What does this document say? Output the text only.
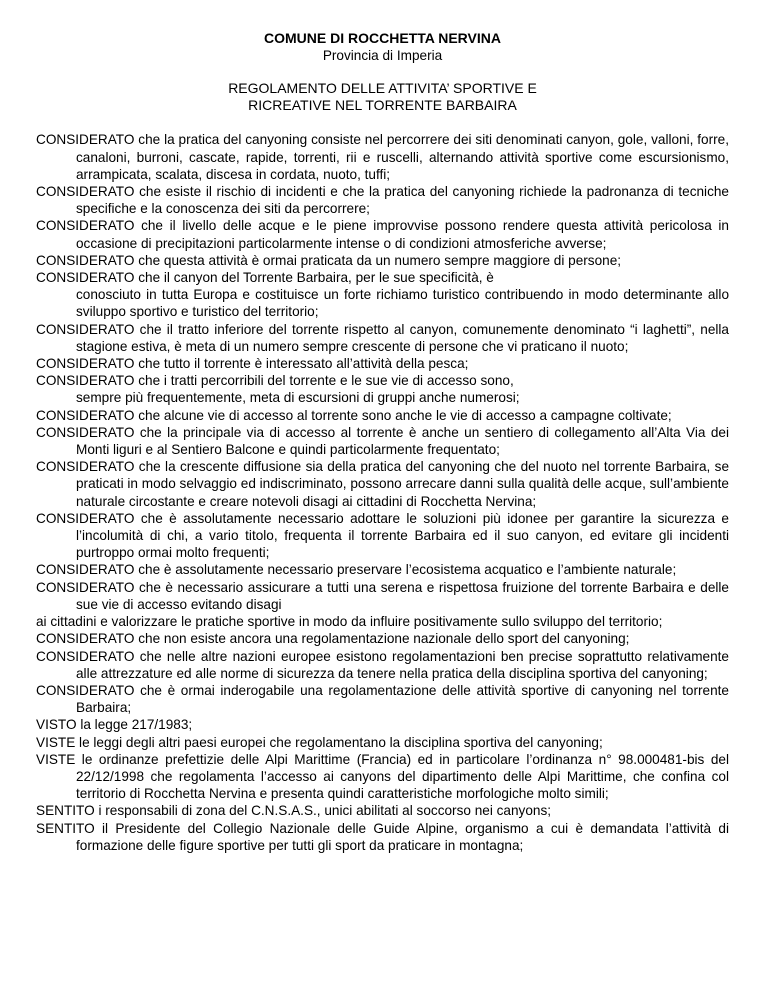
COMUNE DI ROCCHETTA NERVINA
Provincia di Imperia
REGOLAMENTO DELLE ATTIVITA’ SPORTIVE E
RICREATIVE NEL TORRENTE BARBAIRA
CONSIDERATO che la pratica del canyoning consiste nel percorrere dei siti denominati canyon, gole, valloni, forre, canaloni, burroni, cascate, rapide, torrenti, rii e ruscelli, alternando attività sportive come escursionismo, arrampicata, scalata, discesa in cordata, nuoto, tuffi;
CONSIDERATO che esiste il rischio di incidenti e che la pratica del canyoning richiede la padronanza di tecniche specifiche e la conoscenza dei siti da percorrere;
CONSIDERATO che il livello delle acque e le piene improvvise possono rendere questa attività pericolosa in occasione di precipitazioni particolarmente intense o di condizioni atmosferiche avverse;
CONSIDERATO che questa attività è ormai praticata da un numero sempre maggiore di persone;
CONSIDERATO che il canyon del Torrente Barbaira, per le sue specificità, è
conosciuto in tutta Europa e costituisce un forte richiamo turistico contribuendo in modo determinante allo sviluppo sportivo e turistico del territorio;
CONSIDERATO che il tratto inferiore del torrente rispetto al canyon, comunemente denominato “i laghetti”, nella stagione estiva, è meta di un numero sempre crescente di persone che vi praticano il nuoto;
CONSIDERATO che tutto il torrente è interessato all’attività della pesca;
CONSIDERATO che i tratti percorribili del torrente e le sue vie di accesso sono,
sempre più frequentemente, meta di escursioni di gruppi anche numerosi;
CONSIDERATO che alcune vie di accesso al torrente sono anche le vie di accesso a campagne coltivate;
CONSIDERATO che la principale via di accesso al torrente è anche un sentiero di collegamento all’Alta Via dei Monti liguri e al Sentiero Balcone e quindi particolarmente frequentato;
CONSIDERATO che la crescente diffusione sia della pratica del canyoning che del nuoto nel torrente Barbaira, se praticati in modo selvaggio ed indiscriminato, possono arrecare danni sulla qualità delle acque, sull’ambiente naturale circostante e creare notevoli disagi ai cittadini di Rocchetta Nervina;
CONSIDERATO che è assolutamente necessario adottare le soluzioni più idonee per garantire la sicurezza e l’incolumità di chi, a vario titolo, frequenta il torrente Barbaira ed il suo canyon, ed evitare gli incidenti purtroppo ormai molto frequenti;
CONSIDERATO che è assolutamente necessario preservare l’ecosistema acquatico e l’ambiente naturale;
CONSIDERATO che è necessario assicurare a tutti una serena e rispettosa fruizione del torrente Barbaira e delle sue vie di accesso evitando disagi
ai cittadini e valorizzare le pratiche sportive in modo da influire positivamente sullo sviluppo del territorio;
CONSIDERATO che non esiste ancora una regolamentazione nazionale dello sport del canyoning;
CONSIDERATO che nelle altre nazioni europee esistono regolamentazioni ben precise soprattutto relativamente alle attrezzature ed alle norme di sicurezza da tenere nella pratica della disciplina sportiva del canyoning;
CONSIDERATO che è ormai inderogabile una regolamentazione delle attività sportive di canyoning nel torrente Barbaira;
VISTO la legge 217/1983;
VISTE le leggi degli altri paesi europei che regolamentano la disciplina sportiva del canyoning;
VISTE le ordinanze prefettizie delle Alpi Marittime (Francia) ed in particolare l’ordinanza n° 98.000481-bis del 22/12/1998 che regolamenta l’accesso ai canyons del dipartimento delle Alpi Marittime, che confina col territorio di Rocchetta Nervina e presenta quindi caratteristiche morfologiche molto simili;
SENTITO i responsabili di zona del C.N.S.A.S., unici abilitati al soccorso nei canyons;
SENTITO il Presidente del Collegio Nazionale delle Guide Alpine, organismo a cui è demandata l’attività di formazione delle figure sportive per tutti gli sport da praticare in montagna;
